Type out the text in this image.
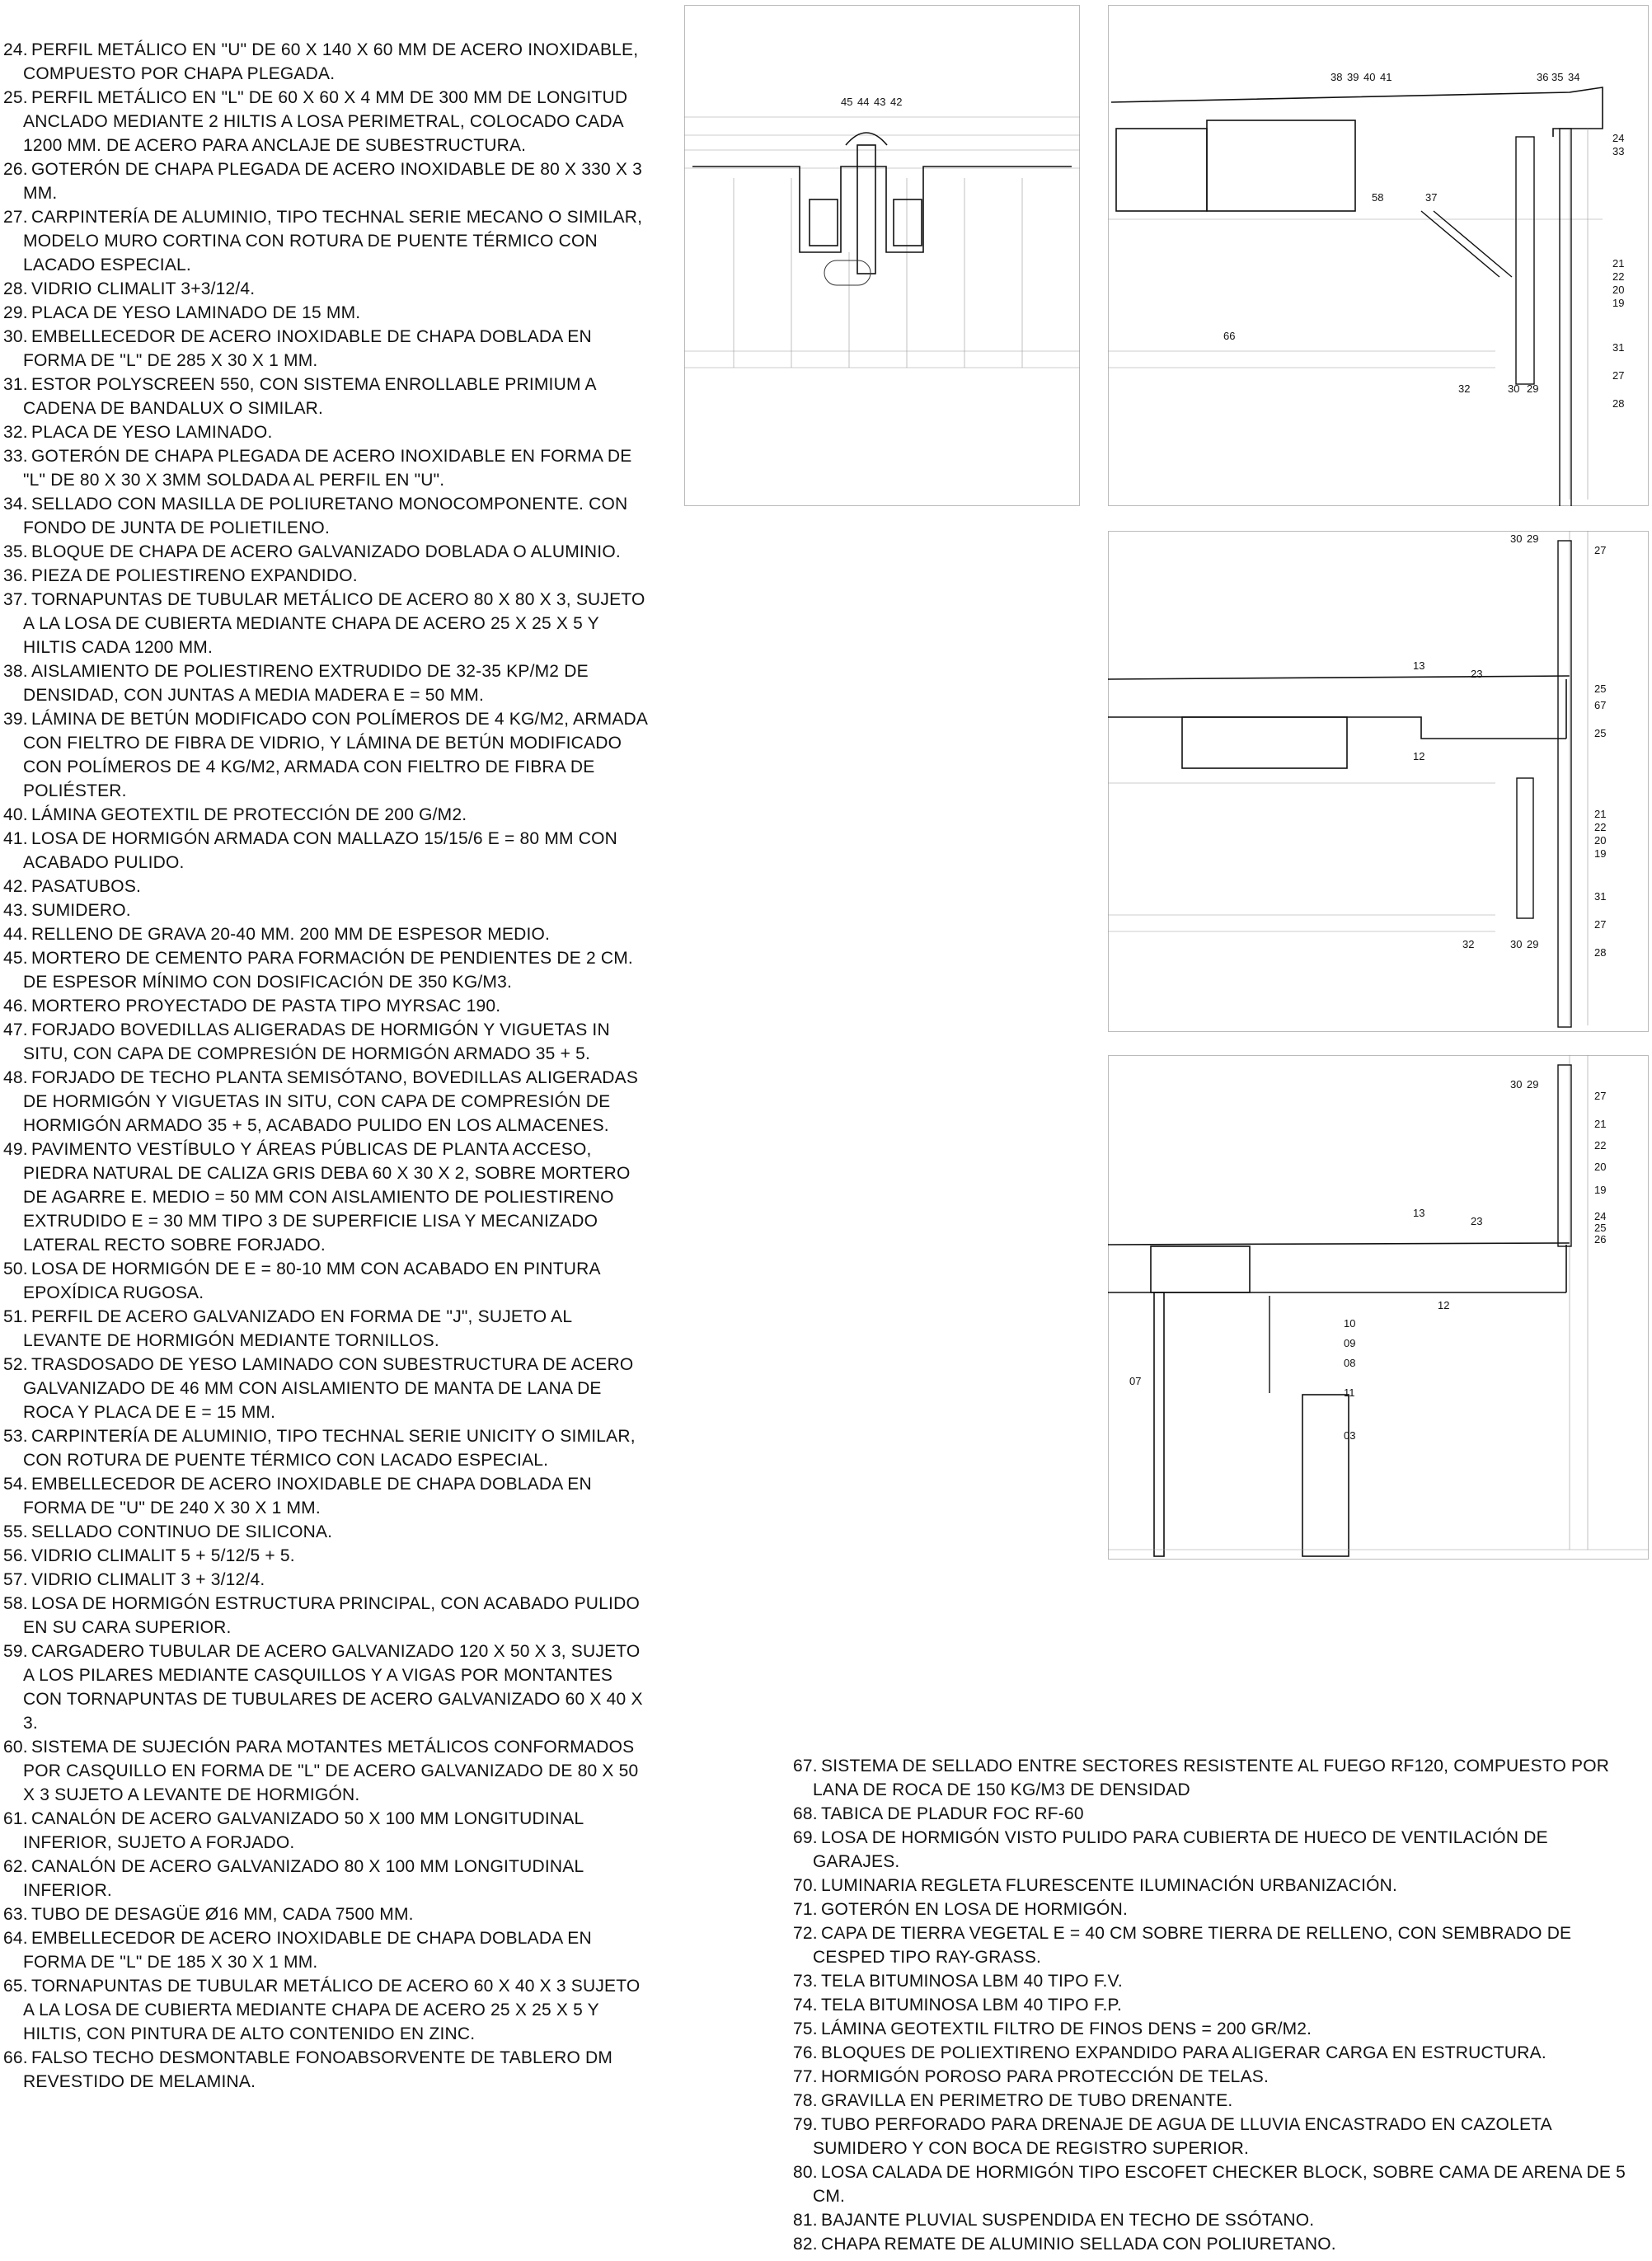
24. PERFIL METÁLICO EN "U" DE 60 X 140 X 60 MM DE ACERO INOXIDABLE, COMPUESTO POR CHAPA PLEGADA.
25. PERFIL METÁLICO EN "L" DE 60 X 60 X 4 MM DE 300 MM DE LONGITUD ANCLADO MEDIANTE 2 HILTIS A LOSA PERIMETRAL, COLOCADO CADA 1200 MM. DE ACERO PARA ANCLAJE DE SUBESTRUCTURA.
26. GOTERÓN DE CHAPA PLEGADA DE ACERO INOXIDABLE DE 80 X 330 X 3 MM.
27. CARPINTERÍA DE ALUMINIO, TIPO TECHNAL SERIE MECANO O SIMILAR, MODELO MURO CORTINA CON ROTURA DE PUENTE TÉRMICO CON LACADO ESPECIAL.
28. VIDRIO CLIMALIT 3+3/12/4.
29. PLACA DE YESO LAMINADO DE 15 MM.
30. EMBELLECEDOR DE ACERO INOXIDABLE DE CHAPA DOBLADA EN FORMA DE "L" DE 285 X 30 X 1 MM.
31. ESTOR POLYSCREEN 550, CON SISTEMA ENROLLABLE PRIMIUM A CADENA DE BANDALUX O SIMILAR.
32. PLACA DE YESO LAMINADO.
33. GOTERÓN DE CHAPA PLEGADA DE ACERO INOXIDABLE EN FORMA DE "L" DE 80 X 30 X 3MM SOLDADA AL PERFIL EN "U".
34. SELLADO CON MASILLA DE POLIURETANO MONOCOMPONENTE. CON FONDO DE JUNTA DE POLIETILENO.
35. BLOQUE DE CHAPA DE ACERO GALVANIZADO DOBLADA O ALUMINIO.
36. PIEZA DE POLIESTIRENO EXPANDIDO.
37. TORNAPUNTAS DE TUBULAR METÁLICO DE ACERO 80 X 80 X 3, SUJETO A LA LOSA DE CUBIERTA MEDIANTE CHAPA DE ACERO 25 X 25 X 5 Y HILTIS CADA 1200 MM.
38. AISLAMIENTO DE POLIESTIRENO EXTRUDIDO DE 32-35 KP/M2 DE DENSIDAD, CON JUNTAS A MEDIA MADERA E = 50 MM.
39. LÁMINA DE BETÚN MODIFICADO CON POLÍMEROS DE 4 KG/M2, ARMADA CON FIELTRO DE FIBRA DE VIDRIO, Y LÁMINA DE BETÚN MODIFICADO CON POLÍMEROS DE 4 KG/M2, ARMADA CON FIELTRO DE FIBRA DE POLIÉSTER.
40. LÁMINA GEOTEXTIL DE PROTECCIÓN DE 200 G/M2.
41. LOSA DE HORMIGÓN ARMADA CON MALLAZO 15/15/6 E = 80 MM CON ACABADO PULIDO.
42. PASATUBOS.
43. SUMIDERO.
44. RELLENO DE GRAVA 20-40 MM. 200 MM DE ESPESOR MEDIO.
45. MORTERO DE CEMENTO PARA FORMACIÓN DE PENDIENTES DE 2 CM. DE ESPESOR MÍNIMO CON DOSIFICACIÓN DE 350 KG/M3.
46. MORTERO PROYECTADO DE PASTA TIPO MYRSAC 190.
47. FORJADO BOVEDILLAS ALIGERADAS DE HORMIGÓN Y VIGUETAS IN SITU, CON CAPA DE COMPRESIÓN DE HORMIGÓN ARMADO 35 + 5.
48. FORJADO DE TECHO PLANTA SEMISÓTANO, BOVEDILLAS ALIGERADAS DE HORMIGÓN Y VIGUETAS IN SITU, CON CAPA DE COMPRESIÓN DE HORMIGÓN ARMADO 35 + 5, ACABADO PULIDO EN LOS ALMACENES.
49. PAVIMENTO VESTÍBULO Y ÁREAS PÚBLICAS DE PLANTA ACCESO, PIEDRA NATURAL DE CALIZA GRIS DEBA 60 X 30 X 2, SOBRE MORTERO DE AGARRE E. MEDIO = 50 MM CON AISLAMIENTO DE POLIESTIRENO EXTRUDIDO E = 30 MM TIPO 3 DE SUPERFICIE LISA Y MECANIZADO LATERAL RECTO SOBRE FORJADO.
50. LOSA DE HORMIGÓN DE E = 80-10 MM CON ACABADO EN PINTURA EPOXÍDICA RUGOSA.
51. PERFIL DE ACERO GALVANIZADO EN FORMA DE "J", SUJETO AL LEVANTE DE HORMIGÓN MEDIANTE TORNILLOS.
52. TRASDOSADO DE YESO LAMINADO CON SUBESTRUCTURA DE ACERO GALVANIZADO DE 46 MM CON AISLAMIENTO DE MANTA DE LANA DE ROCA Y PLACA DE E = 15 MM.
53. CARPINTERÍA DE ALUMINIO, TIPO TECHNAL SERIE UNICITY O SIMILAR, CON ROTURA DE PUENTE TÉRMICO CON LACADO ESPECIAL.
54. EMBELLECEDOR DE ACERO INOXIDABLE DE CHAPA DOBLADA EN FORMA DE "U" DE 240 X 30 X 1 MM.
55. SELLADO CONTINUO DE SILICONA.
56. VIDRIO CLIMALIT 5 + 5/12/5 + 5.
57. VIDRIO CLIMALIT 3 + 3/12/4.
58. LOSA DE HORMIGÓN ESTRUCTURA PRINCIPAL, CON ACABADO PULIDO EN SU CARA SUPERIOR.
59. CARGADERO TUBULAR DE ACERO GALVANIZADO 120 X 50 X 3, SUJETO A LOS PILARES MEDIANTE CASQUILLOS Y A VIGAS POR MONTANTES CON TORNAPUNTAS DE TUBULARES DE ACERO GALVANIZADO 60 X 40 X 3.
60. SISTEMA DE SUJECIÓN PARA MOTANTES METÁLICOS CONFORMADOS POR CASQUILLO EN FORMA DE "L" DE ACERO GALVANIZADO DE 80 X 50 X 3 SUJETO A LEVANTE DE HORMIGÓN.
61. CANALÓN DE ACERO GALVANIZADO 50 X 100 MM LONGITUDINAL INFERIOR, SUJETO A FORJADO.
62. CANALÓN DE ACERO GALVANIZADO 80 X 100 MM LONGITUDINAL INFERIOR.
63. TUBO DE DESAGÜE Ø16 MM, CADA 7500 MM.
64. EMBELLECEDOR DE ACERO INOXIDABLE DE CHAPA DOBLADA EN FORMA DE "L" DE 185 X 30 X 1 MM.
65. TORNAPUNTAS DE TUBULAR METÁLICO DE ACERO 60 X 40 X 3 SUJETO A LA LOSA DE CUBIERTA MEDIANTE CHAPA DE ACERO 25 X 25 X 5 Y HILTIS, CON PINTURA DE ALTO CONTENIDO EN ZINC.
66. FALSO TECHO DESMONTABLE FONOABSORVENTE DE TABLERO DM REVESTIDO DE MELAMINA.
67. SISTEMA DE SELLADO ENTRE SECTORES RESISTENTE AL FUEGO RF120, COMPUESTO POR LANA DE ROCA DE 150 KG/M3 DE DENSIDAD
68. TABICA DE PLADUR FOC RF-60
69. LOSA DE HORMIGÓN VISTO PULIDO PARA CUBIERTA DE HUECO DE VENTILACIÓN DE GARAJES.
70. LUMINARIA REGLETA FLURESCENTE ILUMINACIÓN URBANIZACIÓN.
71. GOTERÓN EN LOSA DE HORMIGÓN.
72. CAPA DE TIERRA VEGETAL E = 40 CM SOBRE TIERRA DE RELLENO, CON SEMBRADO DE CESPED TIPO RAY-GRASS.
73. TELA BITUMINOSA LBM 40 TIPO F.V.
74. TELA BITUMINOSA LBM 40 TIPO F.P.
75. LÁMINA GEOTEXTIL FILTRO DE FINOS DENS = 200 GR/M2.
76. BLOQUES DE POLIEXTIRENO EXPANDIDO PARA ALIGERAR CARGA EN ESTRUCTURA.
77. HORMIGÓN POROSO PARA PROTECCIÓN DE TELAS.
78. GRAVILLA EN PERIMETRO DE TUBO DRENANTE.
79. TUBO PERFORADO PARA DRENAJE DE AGUA DE LLUVIA ENCASTRADO EN CAZOLETA SUMIDERO Y CON BOCA DE REGISTRO SUPERIOR.
80. LOSA CALADA DE HORMIGÓN TIPO ESCOFET CHECKER BLOCK, SOBRE CAMA DE ARENA DE 5 CM.
81. BAJANTE PLUVIAL SUSPENDIDA EN TECHO DE SSÓTANO.
82. CHAPA REMATE DE ALUMINIO SELLADA CON POLIURETANO.
45 44 43 42
38 39 40 41	36 35 34
24
33
21
22
20
19
31
27
28
58	37
66
32	30 29
30 29
27
13
23
25
67
25
12
21
22
20
19
31
27
28
32	30 29
30 29
27
21
22
20
19
13
23	24
25
26
12
10
09
08
07
11
03
